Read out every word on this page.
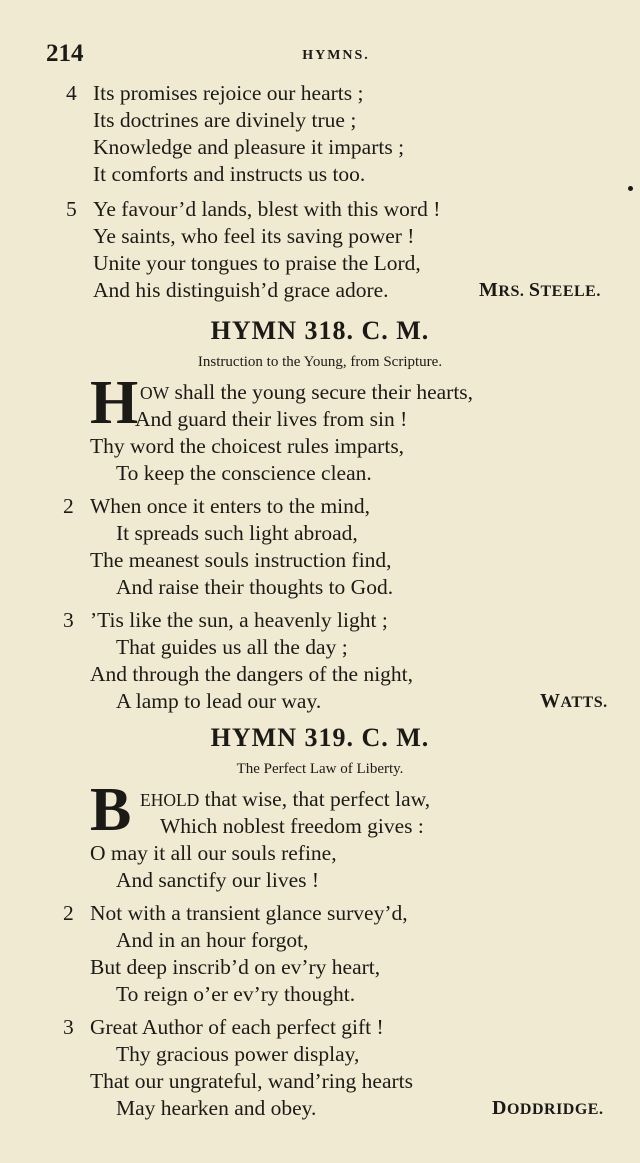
214	HYMNS.
4 Its promises rejoice our hearts ;
Its doctrines are divinely true ;
Knowledge and pleasure it imparts ;
It comforts and instructs us too.
5 Ye favour’d lands, blest with this word !
Ye saints, who feel its saving power !
Unite your tongues to praise the Lord,
And his distinguish’d grace adore.	MRS. STEELE.
HYMN 318. C. M.
Instruction to the Young, from Scripture.
H OW shall the young secure their hearts,
And guard their lives from sin !
Thy word the choicest rules imparts,
To keep the conscience clean.
2 When once it enters to the mind,
It spreads such light abroad,
The meanest souls instruction find,
And raise their thoughts to God.
3 ’Tis like the sun, a heavenly light ;
That guides us all the day ;
And through the dangers of the night,
A lamp to lead our way.	WATTS.
HYMN 319. C. M.
The Perfect Law of Liberty.
B EHOLD that wise, that perfect law,
Which noblest freedom gives :
O may it all our souls refine,
And sanctify our lives !
2 Not with a transient glance survey’d,
And in an hour forgot,
But deep inscrib’d on ev’ry heart,
To reign o’er ev’ry thought.
3 Great Author of each perfect gift !
Thy gracious power display,
That our ungrateful, wand’ring hearts
May hearken and obey.	DODDRIDGE.
